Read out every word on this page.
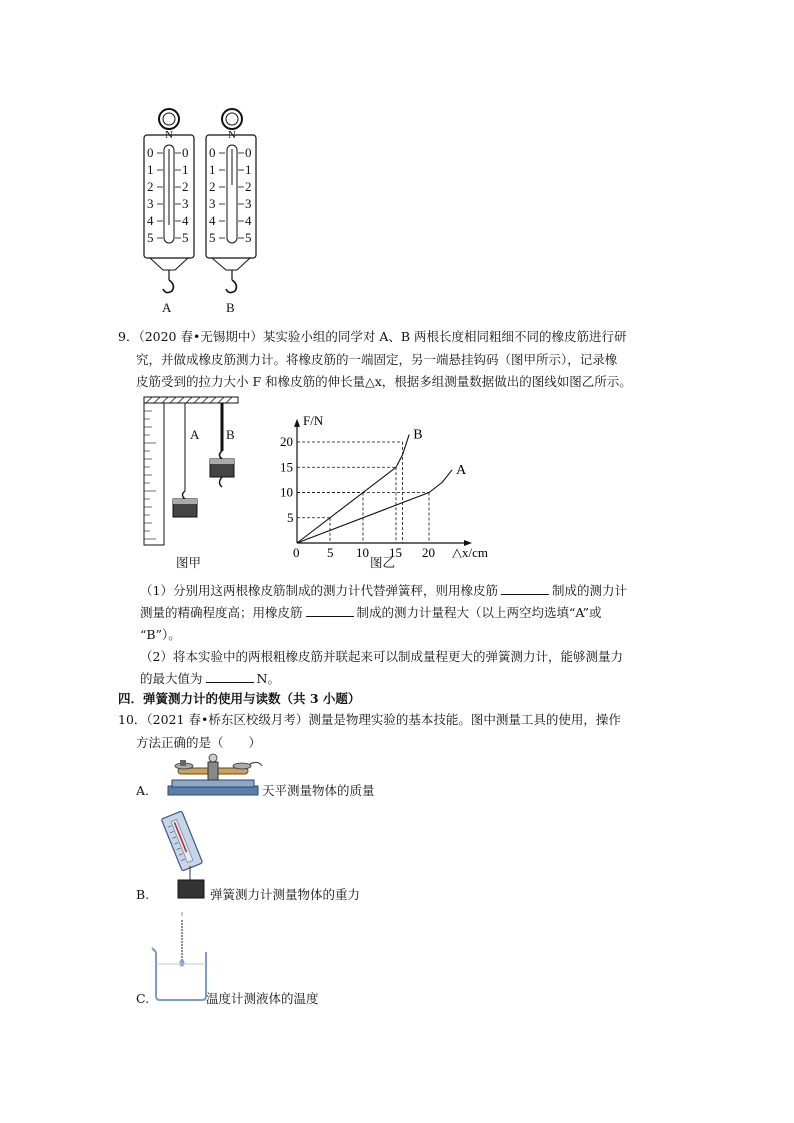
N	N
0
1
2
3
4
5
0
1
2
3
4
5
0
1
2
3
4
5
0
1
2
3
4
5
A	B
9．（2020 春•无锡期中）某实验小组的同学对 A、B 两根长度相同粗细不同的橡皮筋进行研
究，并做成橡皮筋测力计。将橡皮筋的一端固定，另一端悬挂钩码（图甲所示），记录橡
皮筋受到的拉力大小 F 和橡皮筋的伸长量△x，根据多组测量数据做出的图线如图乙所示。
A B
图甲
A
B
0 5 10 15 20
5
10
15
20
F/N
△x/cm
图乙
（1）分别用这两根橡皮筋制成的测力计代替弹簧秤，则用橡皮筋	制成的测力计
测量的精确程度高；用橡皮筋	制成的测力计量程大（以上两空均选填“A”或
“B”）。
（2）将本实验中的两根粗橡皮筋并联起来可以制成量程更大的弹簧测力计，能够测量力
的最大值为	N。
四．弹簧测力计的使用与读数（共 3 小题）
10．（2021 春•桥东区校级月考）测量是物理实验的基本技能。图中测量工具的使用，操作
方法正确的是（　　）
A.	天平测量物体的质量
B.	弹簧测力计测量物体的重力
C.	温度计测液体的温度
